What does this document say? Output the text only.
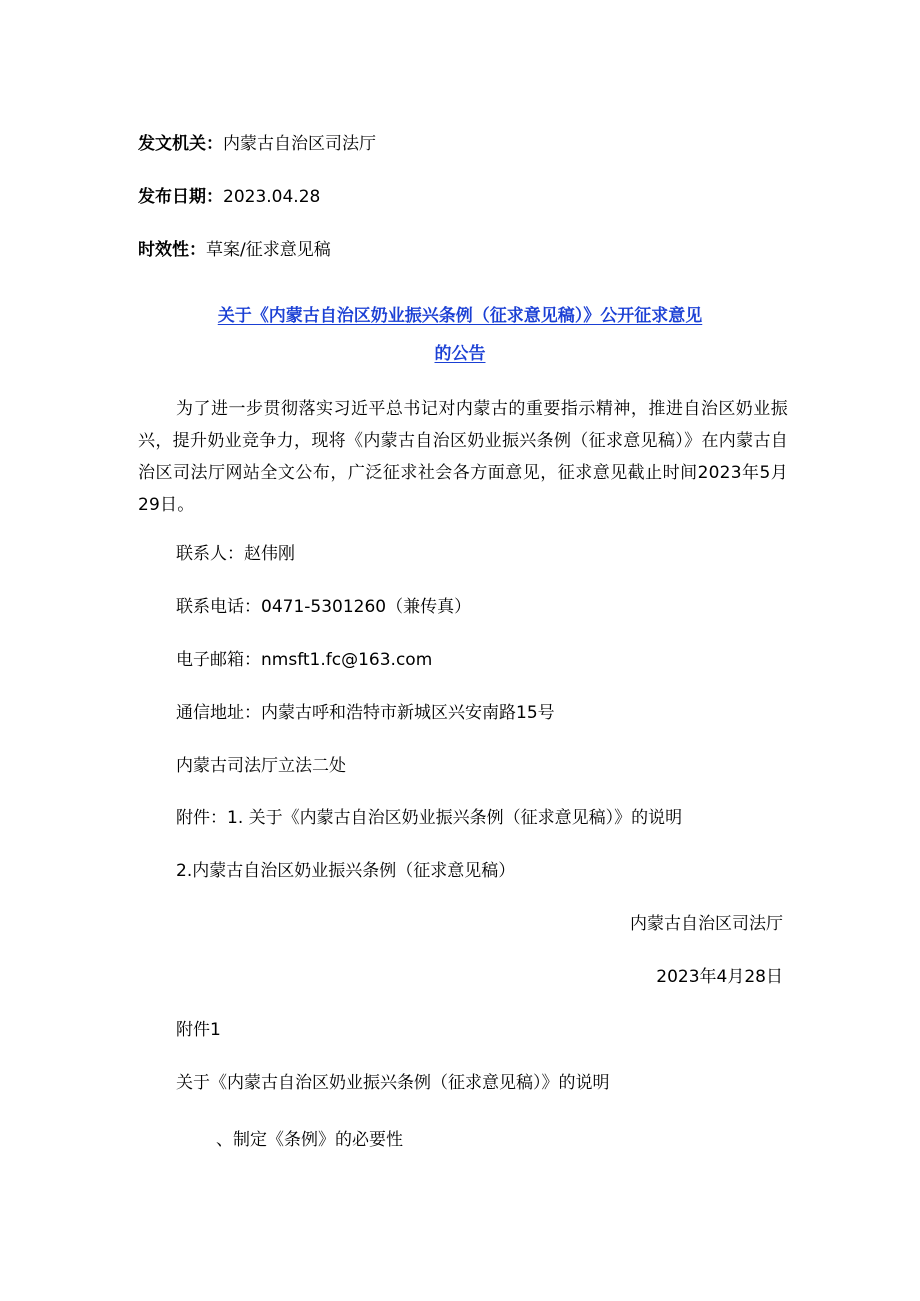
发文机关：内蒙古自治区司法厅
发布日期：2023.04.28
时效性：草案/征求意见稿
关于《内蒙古自治区奶业振兴条例（征求意见稿）》公开征求意见
的公告
为了进一步贯彻落实习近平总书记对内蒙古的重要指示精神，推进自治区奶业振兴，提升奶业竞争力，现将《内蒙古自治区奶业振兴条例（征求意见稿）》在内蒙古自治区司法厅网站全文公布，广泛征求社会各方面意见，征求意见截止时间2023年5月29日。
联系人：赵伟刚
联系电话：0471-5301260（兼传真）
电子邮箱：nmsft1.fc@163.com
通信地址：内蒙古呼和浩特市新城区兴安南路15号
内蒙古司法厅立法二处
附件：1. 关于《内蒙古自治区奶业振兴条例（征求意见稿）》的说明
2.内蒙古自治区奶业振兴条例（征求意见稿）
内蒙古自治区司法厅
2023年4月28日
附件1
关于《内蒙古自治区奶业振兴条例（征求意见稿）》的说明
、制定《条例》的必要性
